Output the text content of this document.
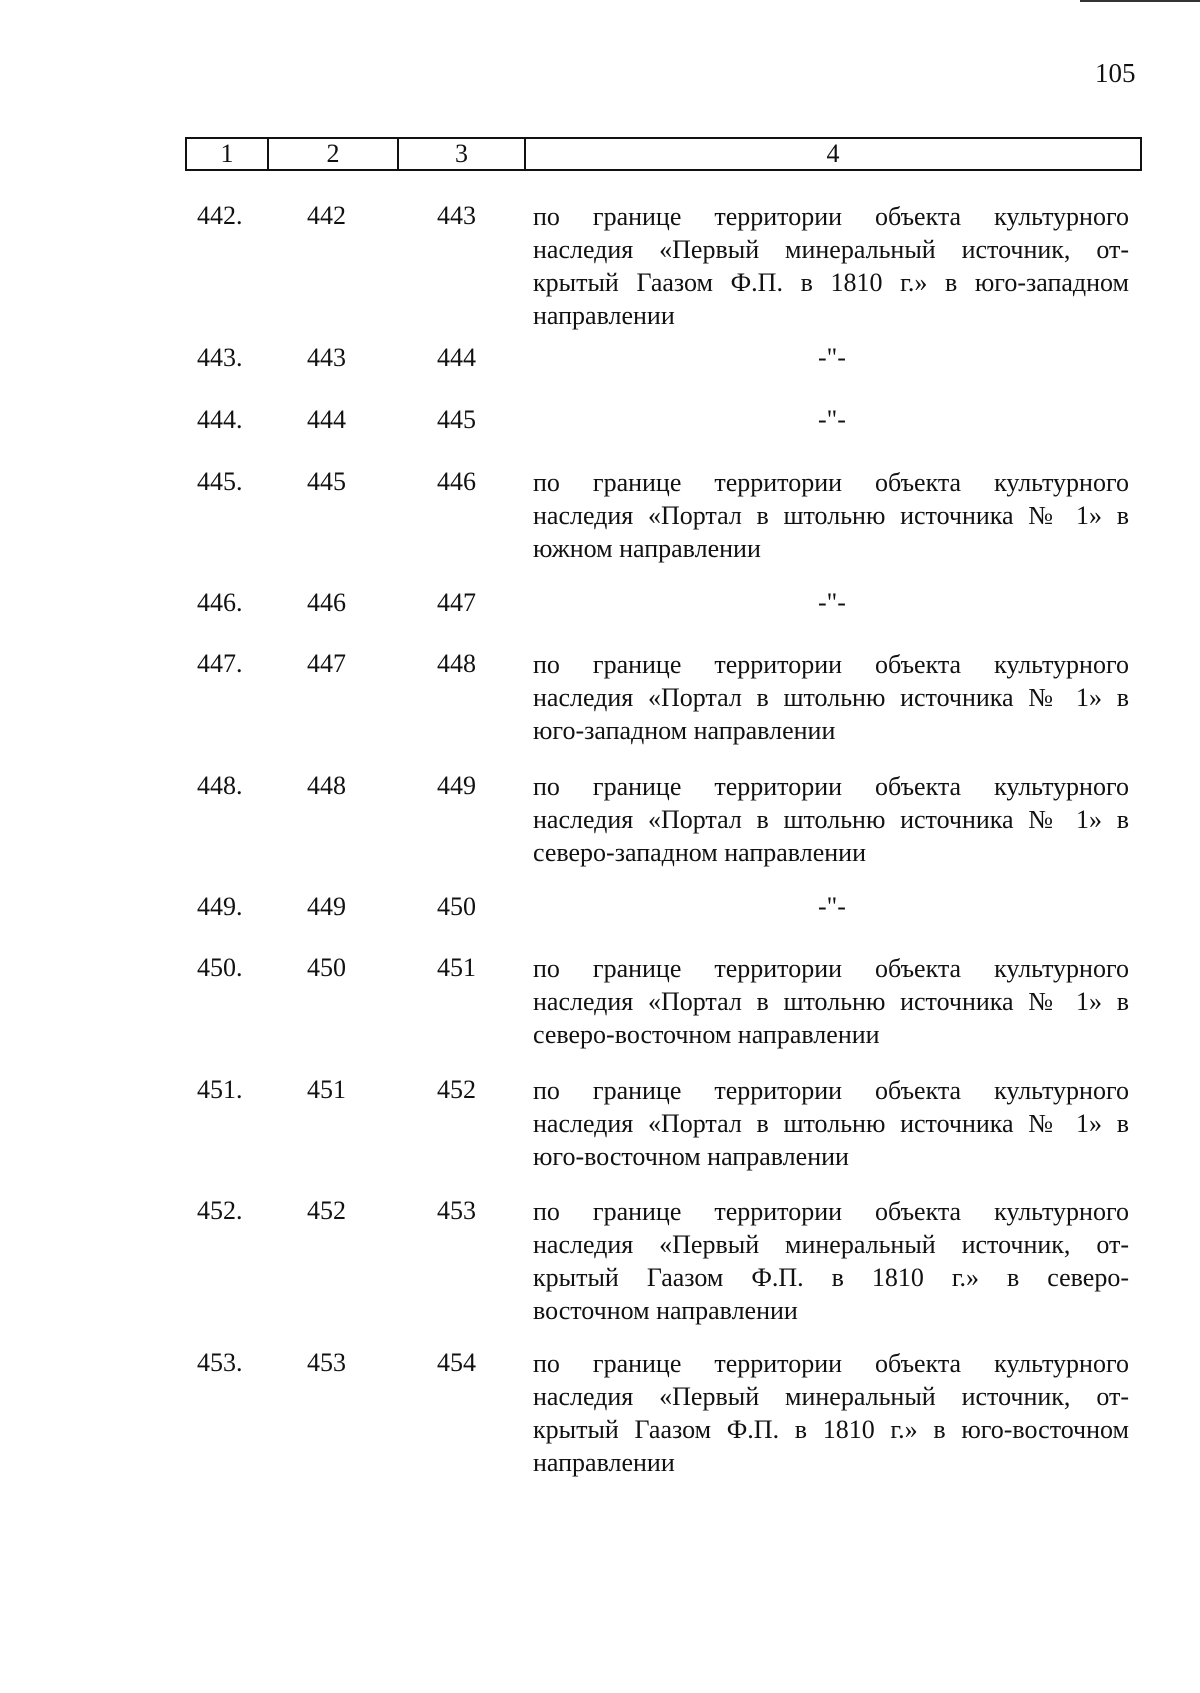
105
1	2	3	4
442. 442	443 по границе территории объекта культурного
наследия «Первый минеральный источник, от-
крытый Гаазом Ф.П. в 1810 г.» в юго-западном
направлении
443. 443	444	-"-
444. 444	445	-"-
445. 445	446 по границе территории объекта культурного
наследия «Портал в штольню источника № 1» в
южном направлении
446. 446	447	-"-
447. 447	448 по границе территории объекта культурного
наследия «Портал в штольню источника № 1» в
юго-западном направлении
448. 448	449 по границе территории объекта культурного
наследия «Портал в штольню источника № 1» в
северо-западном направлении
449. 449	450	-"-
450. 450	451 по границе территории объекта культурного
наследия «Портал в штольню источника № 1» в
северо-восточном направлении
451. 451	452 по границе территории объекта культурного
наследия «Портал в штольню источника № 1» в
юго-восточном направлении
452. 452	453 по границе территории объекта культурного
наследия «Первый минеральный источник, от-
крытый Гаазом Ф.П. в 1810 г.» в северо-
восточном направлении
453. 453	454 по границе территории объекта культурного
наследия «Первый минеральный источник, от-
крытый Гаазом Ф.П. в 1810 г.» в юго-восточном
направлении
